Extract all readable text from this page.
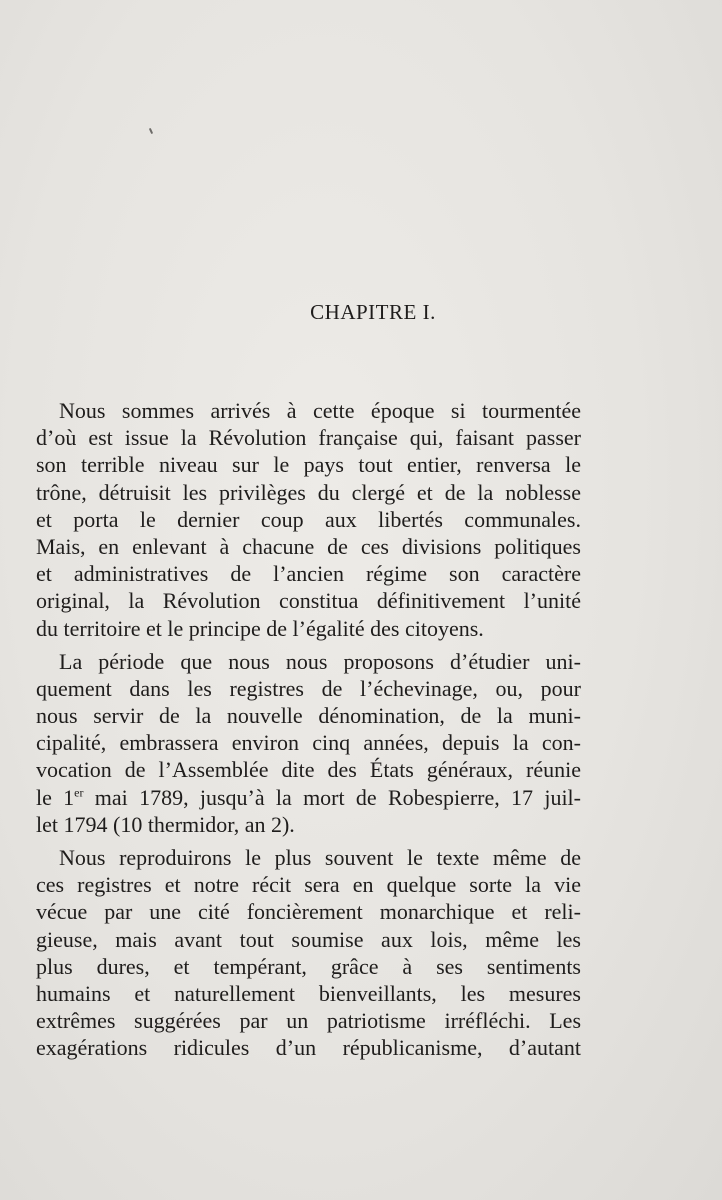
CHAPITRE I.
Nous sommes arrivés à cette époque si tourmentée
d’où est issue la Révolution française qui, faisant passer
son terrible niveau sur le pays tout entier, renversa le
trône, détruisit les privilèges du clergé et de la noblesse
et porta le dernier coup aux libertés communales.
Mais, en enlevant à chacune de ces divisions politiques
et administratives de l’ancien régime son caractère
original, la Révolution constitua définitivement l’unité
du territoire et le principe de l’égalité des citoyens.
La période que nous nous proposons d’étudier uni-
quement dans les registres de l’échevinage, ou, pour
nous servir de la nouvelle dénomination, de la muni-
cipalité, embrassera environ cinq années, depuis la con-
vocation de l’Assemblée dite des États généraux, réunie
le 1er mai 1789, jusqu’à la mort de Robespierre, 17 juil-
let 1794 (10 thermidor, an 2).
Nous reproduirons le plus souvent le texte même de
ces registres et notre récit sera en quelque sorte la vie
vécue par une cité foncièrement monarchique et reli-
gieuse, mais avant tout soumise aux lois, même les
plus dures, et tempérant, grâce à ses sentiments
humains et naturellement bienveillants, les mesures
extrêmes suggérées par un patriotisme irréfléchi. Les
exagérations ridicules d’un républicanisme, d’autant
